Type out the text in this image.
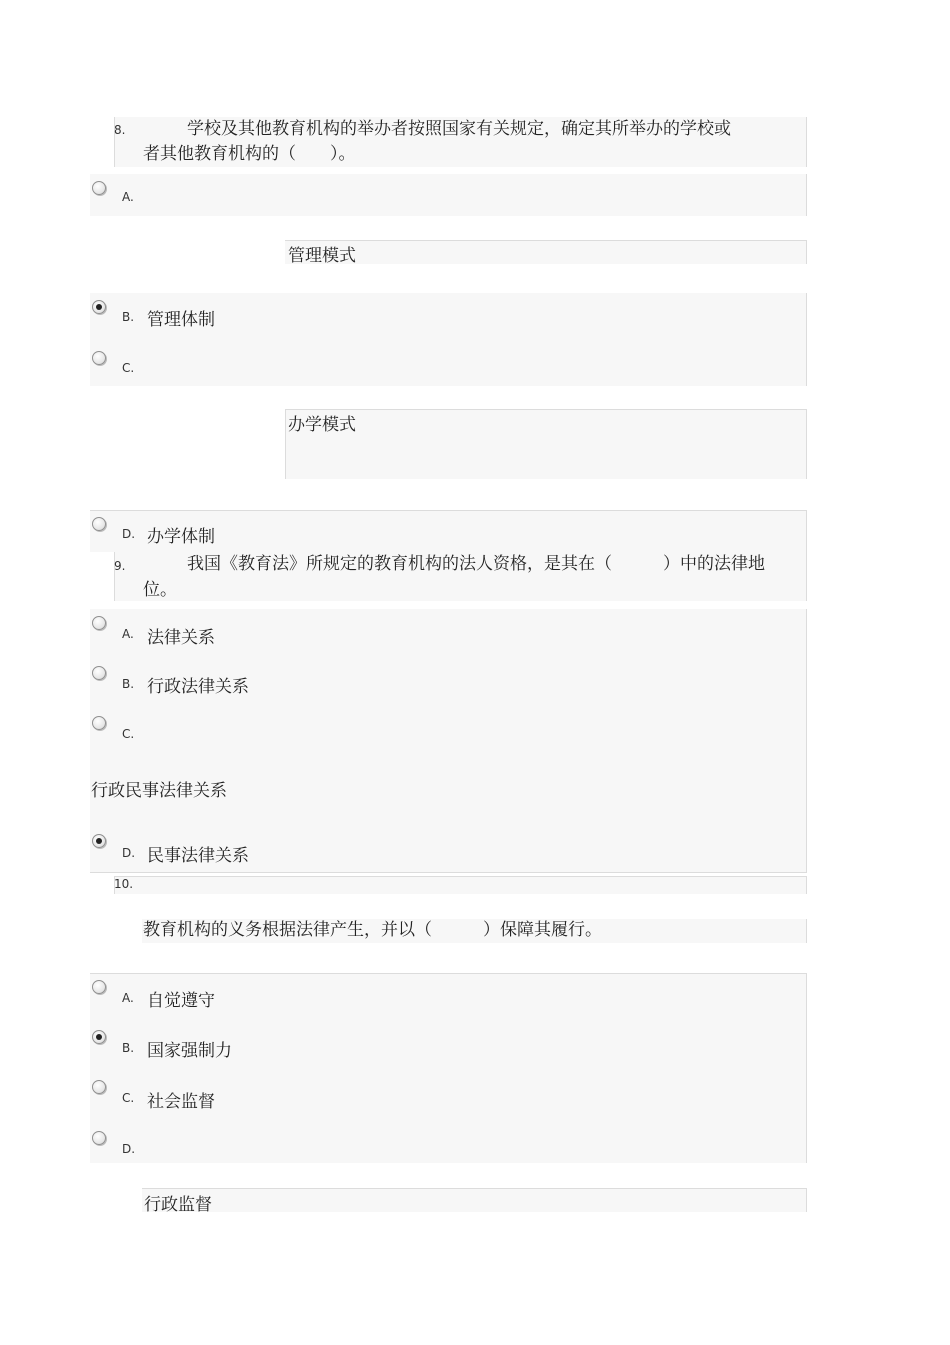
8.	学校及其他教育机构的举办者按照国家有关规定，确定其所举办的学校或
者其他教育机构的（　　）。
A.
管理模式
B. 管理体制
C.
办学模式
D. 办学体制
9.	我国《教育法》所规定的教育机构的法人资格，是其在（　　　）中的法律地
位。
A. 法律关系
B. 行政法律关系
C.
行政民事法律关系
D. 民事法律关系
10.
教育机构的义务根据法律产生，并以（　　　）保障其履行。
A. 自觉遵守
B. 国家强制力
C. 社会监督
D.
行政监督
